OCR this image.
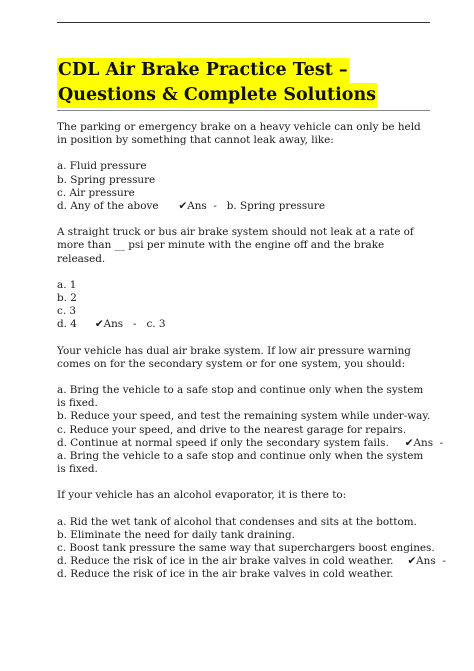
CDL Air Brake Practice Test –
Questions & Complete Solutions
The parking or emergency brake on a heavy vehicle can only be held in position by something that cannot leak away, like:
a. Fluid pressure
b. Spring pressure
c. Air pressure
d. Any of the above ✔Ans - b. Spring pressure
A straight truck or bus air brake system should not leak at a rate of more than __ psi per minute with the engine off and the brake released.
a. 1
b. 2
c. 3
d. 4 ✔Ans - c. 3
Your vehicle has dual air brake system. If low air pressure warning comes on for the secondary system or for one system, you should:
a. Bring the vehicle to a safe stop and continue only when the system is fixed.
b. Reduce your speed, and test the remaining system while under-way.
c. Reduce your speed, and drive to the nearest garage for repairs.
d. Continue at normal speed if only the secondary system fails. ✔Ans -
a. Bring the vehicle to a safe stop and continue only when the system is fixed.
If your vehicle has an alcohol evaporator, it is there to:
a. Rid the wet tank of alcohol that condenses and sits at the bottom.
b. Eliminate the need for daily tank draining.
c. Boost tank pressure the same way that superchargers boost engines.
d. Reduce the risk of ice in the air brake valves in cold weather. ✔Ans -
d. Reduce the risk of ice in the air brake valves in cold weather.
